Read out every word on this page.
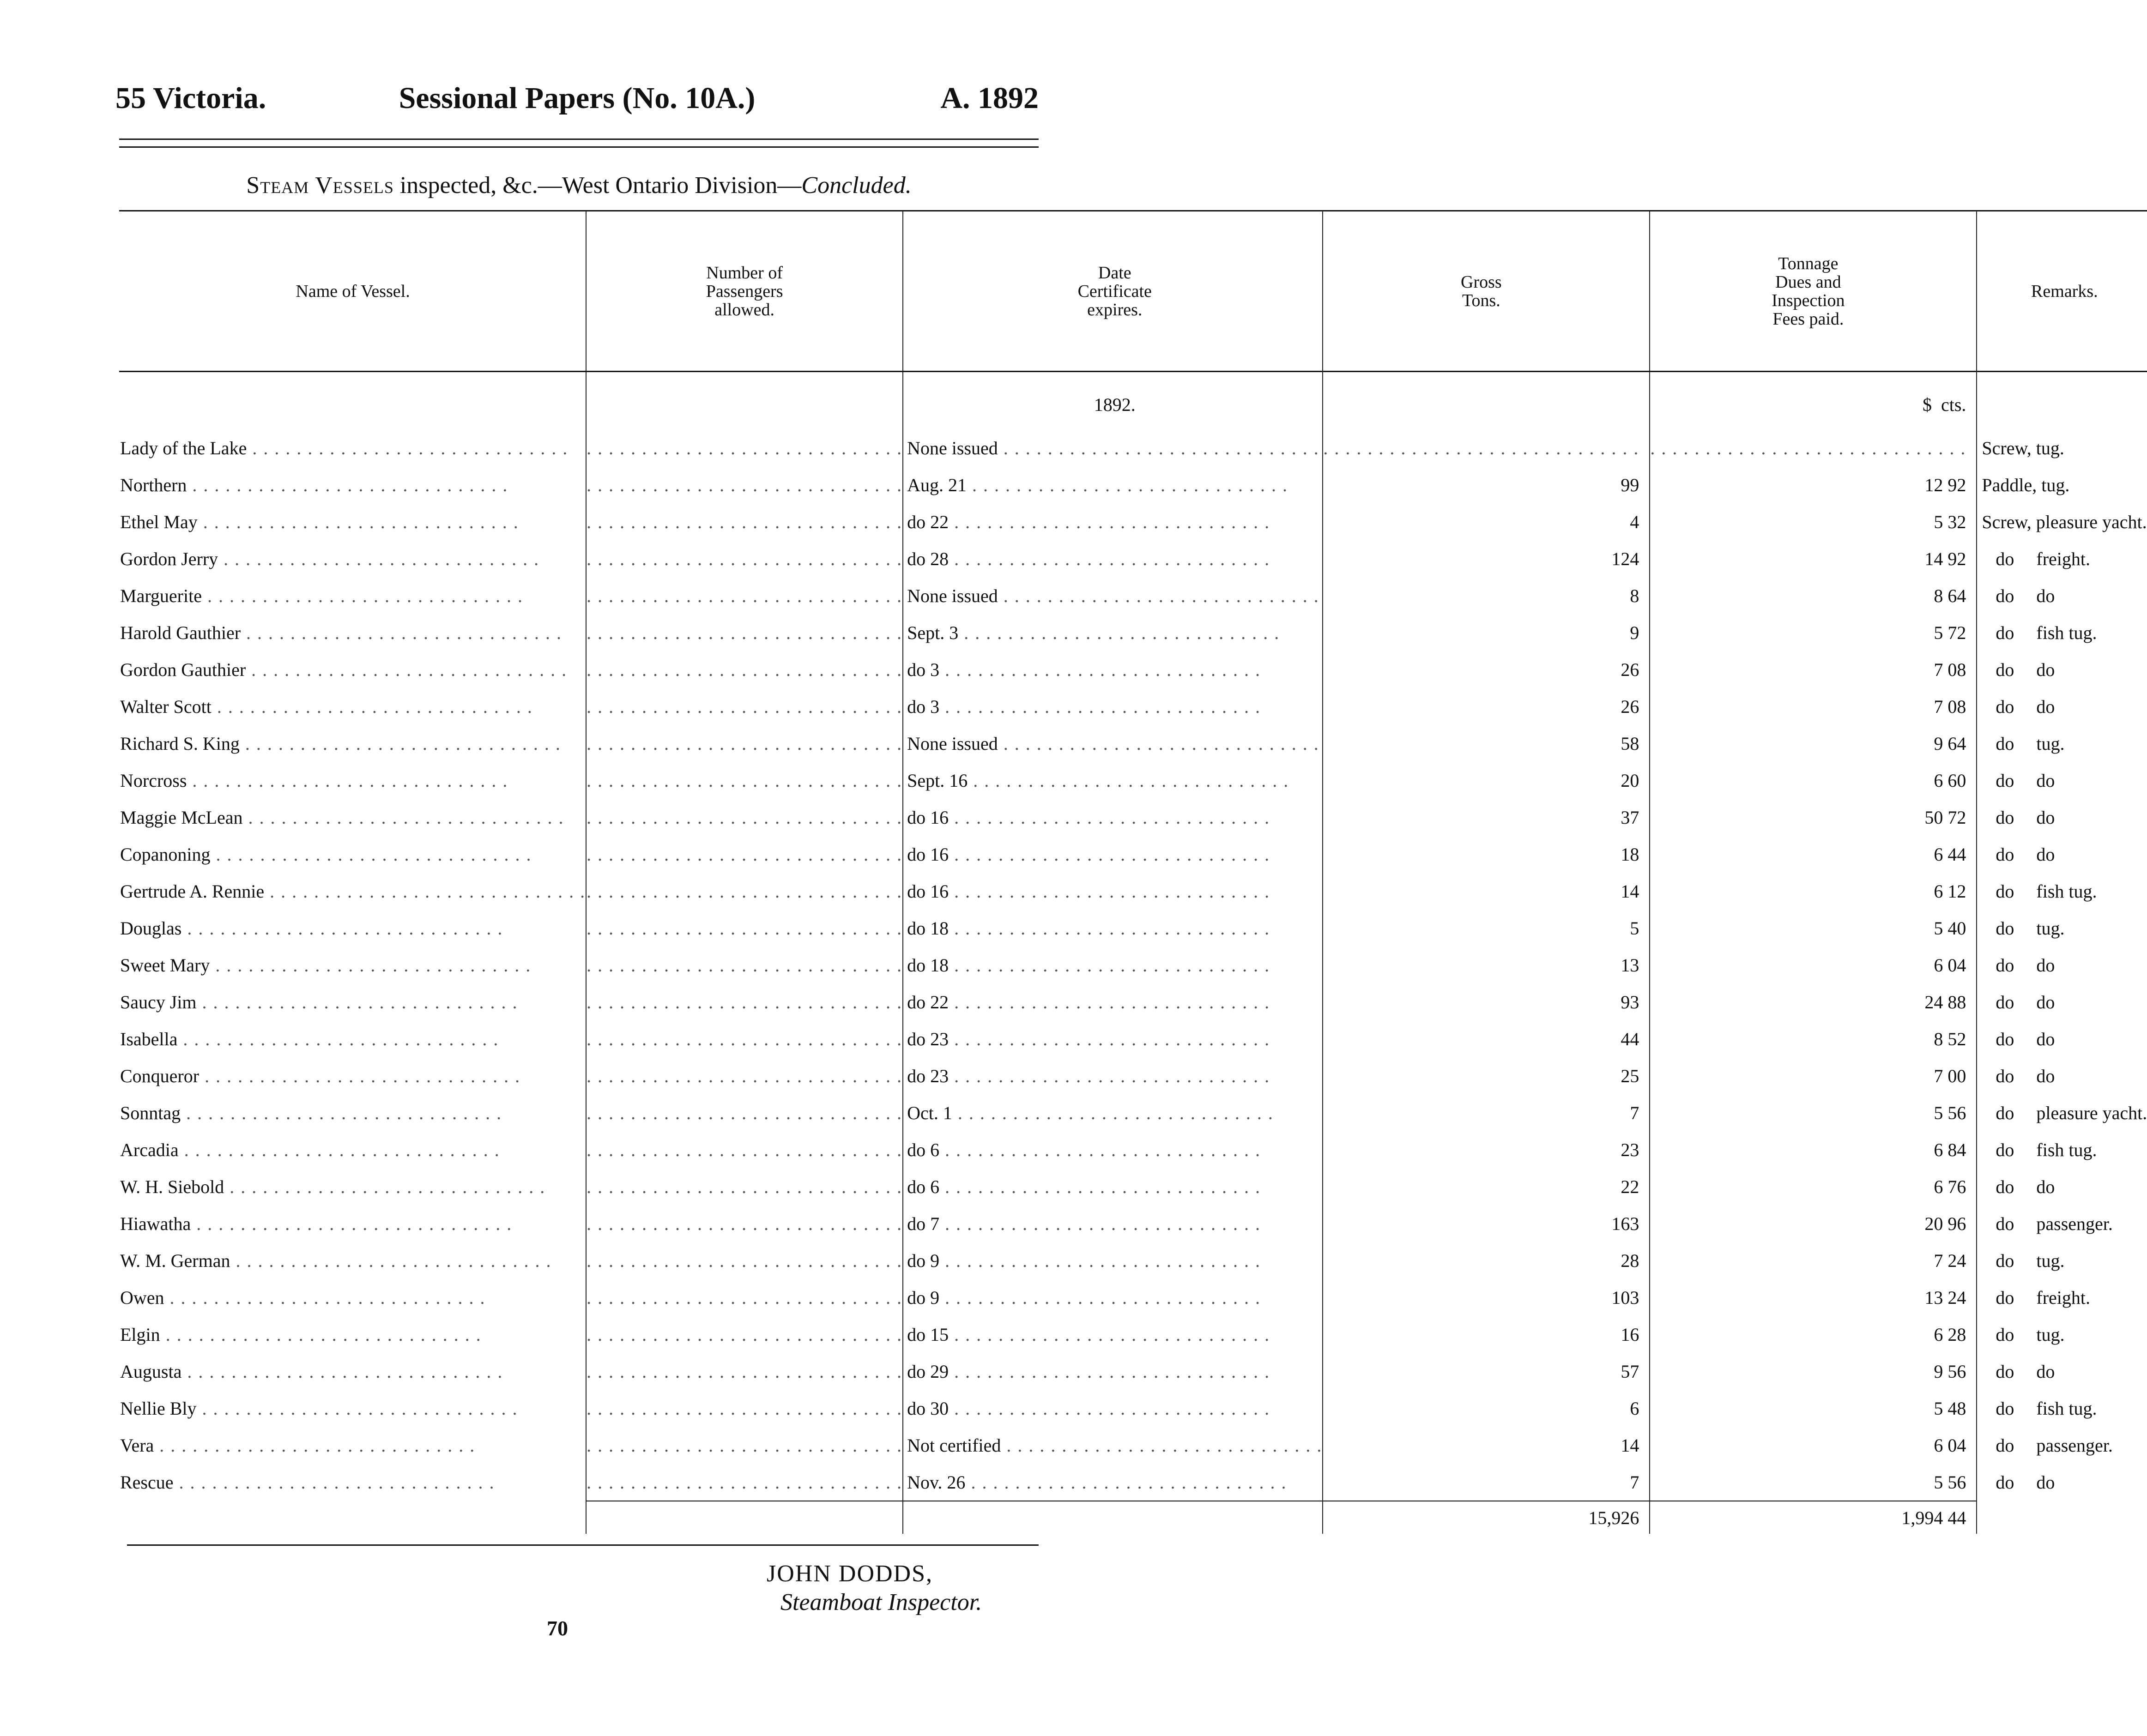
55 Victoria.	Sessional Papers (No. 10A.)	A. 1892
Steam Vessels inspected, &c.—West Ontario Division—Concluded.
Name of Vessel.	Number of Passengers allowed.	Date Certificate expires.	Gross Tons.	Tonnage Dues and Inspection Fees paid.	Remarks.
		1892.		$ cts.	
Lady of the Lake . . . . . . . . . . . . . . . . . . . . . . . . . . . . .	. . . . . . . . . . . . . . . . . . . . . . . . . . . . .	None issued . . . . . . . . . . . . . . . . . . . . . . . . . . . . .	. . . . . . . . . . . . . . . . . . . . . . . . . . . . .	. . . . . . . . . . . . . . . . . . . . . . . . . . . . .	Screw, tug.
Northern . . . . . . . . . . . . . . . . . . . . . . . . . . . . .	. . . . . . . . . . . . . . . . . . . . . . . . . . . . .	Aug. 21 . . . . . . . . . . . . . . . . . . . . . . . . . . . . .	99	12 92	Paddle, tug.
Ethel May . . . . . . . . . . . . . . . . . . . . . . . . . . . . .	. . . . . . . . . . . . . . . . . . . . . . . . . . . . .	do 22 . . . . . . . . . . . . . . . . . . . . . . . . . . . . .	4	5 32	Screw, pleasure yacht.
Gordon Jerry . . . . . . . . . . . . . . . . . . . . . . . . . . . . .	. . . . . . . . . . . . . . . . . . . . . . . . . . . . .	do 28 . . . . . . . . . . . . . . . . . . . . . . . . . . . . .	124	14 92	do freight.
Marguerite . . . . . . . . . . . . . . . . . . . . . . . . . . . . .	. . . . . . . . . . . . . . . . . . . . . . . . . . . . .	None issued . . . . . . . . . . . . . . . . . . . . . . . . . . . . .	8	8 64	do do
Harold Gauthier . . . . . . . . . . . . . . . . . . . . . . . . . . . . .	. . . . . . . . . . . . . . . . . . . . . . . . . . . . .	Sept. 3 . . . . . . . . . . . . . . . . . . . . . . . . . . . . .	9	5 72	do fish tug.
Gordon Gauthier . . . . . . . . . . . . . . . . . . . . . . . . . . . . .	. . . . . . . . . . . . . . . . . . . . . . . . . . . . .	do 3 . . . . . . . . . . . . . . . . . . . . . . . . . . . . .	26	7 08	do do
Walter Scott . . . . . . . . . . . . . . . . . . . . . . . . . . . . .	. . . . . . . . . . . . . . . . . . . . . . . . . . . . .	do 3 . . . . . . . . . . . . . . . . . . . . . . . . . . . . .	26	7 08	do do
Richard S. King . . . . . . . . . . . . . . . . . . . . . . . . . . . . .	. . . . . . . . . . . . . . . . . . . . . . . . . . . . .	None issued . . . . . . . . . . . . . . . . . . . . . . . . . . . . .	58	9 64	do tug.
Norcross . . . . . . . . . . . . . . . . . . . . . . . . . . . . .	. . . . . . . . . . . . . . . . . . . . . . . . . . . . .	Sept. 16 . . . . . . . . . . . . . . . . . . . . . . . . . . . . .	20	6 60	do do
Maggie McLean . . . . . . . . . . . . . . . . . . . . . . . . . . . . .	. . . . . . . . . . . . . . . . . . . . . . . . . . . . .	do 16 . . . . . . . . . . . . . . . . . . . . . . . . . . . . .	37	50 72	do do
Copanoning . . . . . . . . . . . . . . . . . . . . . . . . . . . . .	. . . . . . . . . . . . . . . . . . . . . . . . . . . . .	do 16 . . . . . . . . . . . . . . . . . . . . . . . . . . . . .	18	6 44	do do
Gertrude A. Rennie . . . . . . . . . . . . . . . . . . . . . . . . . . . . .	. . . . . . . . . . . . . . . . . . . . . . . . . . . . .	do 16 . . . . . . . . . . . . . . . . . . . . . . . . . . . . .	14	6 12	do fish tug.
Douglas . . . . . . . . . . . . . . . . . . . . . . . . . . . . .	. . . . . . . . . . . . . . . . . . . . . . . . . . . . .	do 18 . . . . . . . . . . . . . . . . . . . . . . . . . . . . .	5	5 40	do tug.
Sweet Mary . . . . . . . . . . . . . . . . . . . . . . . . . . . . .	. . . . . . . . . . . . . . . . . . . . . . . . . . . . .	do 18 . . . . . . . . . . . . . . . . . . . . . . . . . . . . .	13	6 04	do do
Saucy Jim . . . . . . . . . . . . . . . . . . . . . . . . . . . . .	. . . . . . . . . . . . . . . . . . . . . . . . . . . . .	do 22 . . . . . . . . . . . . . . . . . . . . . . . . . . . . .	93	24 88	do do
Isabella . . . . . . . . . . . . . . . . . . . . . . . . . . . . .	. . . . . . . . . . . . . . . . . . . . . . . . . . . . .	do 23 . . . . . . . . . . . . . . . . . . . . . . . . . . . . .	44	8 52	do do
Conqueror . . . . . . . . . . . . . . . . . . . . . . . . . . . . .	. . . . . . . . . . . . . . . . . . . . . . . . . . . . .	do 23 . . . . . . . . . . . . . . . . . . . . . . . . . . . . .	25	7 00	do do
Sonntag . . . . . . . . . . . . . . . . . . . . . . . . . . . . .	. . . . . . . . . . . . . . . . . . . . . . . . . . . . .	Oct. 1 . . . . . . . . . . . . . . . . . . . . . . . . . . . . .	7	5 56	do pleasure yacht.
Arcadia . . . . . . . . . . . . . . . . . . . . . . . . . . . . .	. . . . . . . . . . . . . . . . . . . . . . . . . . . . .	do 6 . . . . . . . . . . . . . . . . . . . . . . . . . . . . .	23	6 84	do fish tug.
W. H. Siebold . . . . . . . . . . . . . . . . . . . . . . . . . . . . .	. . . . . . . . . . . . . . . . . . . . . . . . . . . . .	do 6 . . . . . . . . . . . . . . . . . . . . . . . . . . . . .	22	6 76	do do
Hiawatha . . . . . . . . . . . . . . . . . . . . . . . . . . . . .	. . . . . . . . . . . . . . . . . . . . . . . . . . . . .	do 7 . . . . . . . . . . . . . . . . . . . . . . . . . . . . .	163	20 96	do passenger.
W. M. German . . . . . . . . . . . . . . . . . . . . . . . . . . . . .	. . . . . . . . . . . . . . . . . . . . . . . . . . . . .	do 9 . . . . . . . . . . . . . . . . . . . . . . . . . . . . .	28	7 24	do tug.
Owen . . . . . . . . . . . . . . . . . . . . . . . . . . . . .	. . . . . . . . . . . . . . . . . . . . . . . . . . . . .	do 9 . . . . . . . . . . . . . . . . . . . . . . . . . . . . .	103	13 24	do freight.
Elgin . . . . . . . . . . . . . . . . . . . . . . . . . . . . .	. . . . . . . . . . . . . . . . . . . . . . . . . . . . .	do 15 . . . . . . . . . . . . . . . . . . . . . . . . . . . . .	16	6 28	do tug.
Augusta . . . . . . . . . . . . . . . . . . . . . . . . . . . . .	. . . . . . . . . . . . . . . . . . . . . . . . . . . . .	do 29 . . . . . . . . . . . . . . . . . . . . . . . . . . . . .	57	9 56	do do
Nellie Bly . . . . . . . . . . . . . . . . . . . . . . . . . . . . .	. . . . . . . . . . . . . . . . . . . . . . . . . . . . .	do 30 . . . . . . . . . . . . . . . . . . . . . . . . . . . . .	6	5 48	do fish tug.
Vera . . . . . . . . . . . . . . . . . . . . . . . . . . . . .	. . . . . . . . . . . . . . . . . . . . . . . . . . . . .	Not certified . . . . . . . . . . . . . . . . . . . . . . . . . . . . .	14	6 04	do passenger.
Rescue . . . . . . . . . . . . . . . . . . . . . . . . . . . . .	. . . . . . . . . . . . . . . . . . . . . . . . . . . . .	Nov. 26 . . . . . . . . . . . . . . . . . . . . . . . . . . . . .	7	5 56	do do
			15,926	1,994 44	
JOHN DODDS,
Steamboat Inspector.
70
